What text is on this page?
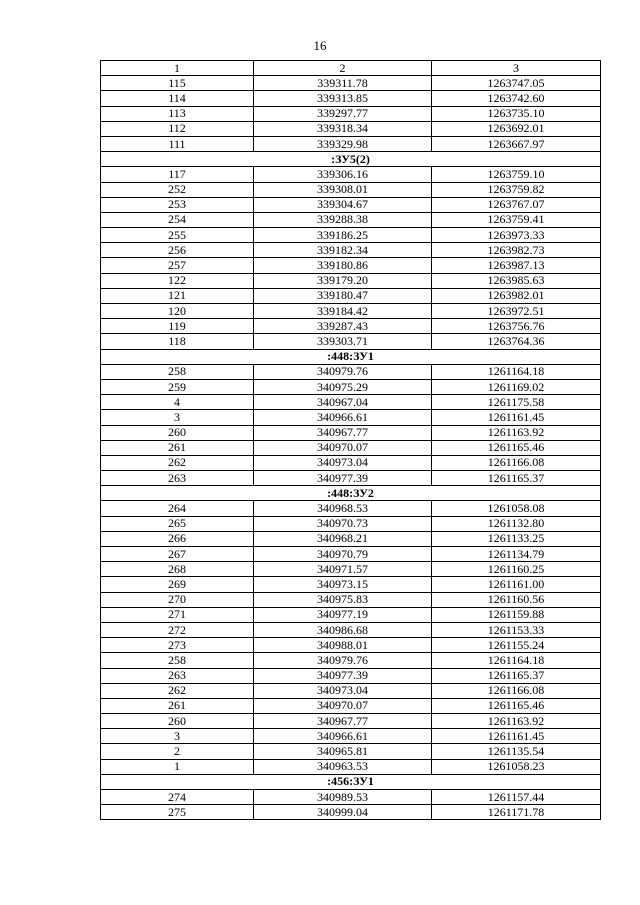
16
1	2	3
115	339311.78	1263747.05
114	339313.85	1263742.60
113	339297.77	1263735.10
112	339318.34	1263692.01
111	339329.98	1263667.97
:ЗУ5(2)		
117	339306.16	1263759.10
252	339308.01	1263759.82
253	339304.67	1263767.07
254	339288.38	1263759.41
255	339186.25	1263973.33
256	339182.34	1263982.73
257	339180.86	1263987.13
122	339179.20	1263985.63
121	339180.47	1263982.01
120	339184.42	1263972.51
119	339287.43	1263756.76
118	339303.71	1263764.36
:448:ЗУ1		
258	340979.76	1261164.18
259	340975.29	1261169.02
4	340967.04	1261175.58
3	340966.61	1261161.45
260	340967.77	1261163.92
261	340970.07	1261165.46
262	340973.04	1261166.08
263	340977.39	1261165.37
:448:ЗУ2		
264	340968.53	1261058.08
265	340970.73	1261132.80
266	340968.21	1261133.25
267	340970.79	1261134.79
268	340971.57	1261160.25
269	340973.15	1261161.00
270	340975.83	1261160.56
271	340977.19	1261159.88
272	340986.68	1261153.33
273	340988.01	1261155.24
258	340979.76	1261164.18
263	340977.39	1261165.37
262	340973.04	1261166.08
261	340970.07	1261165.46
260	340967.77	1261163.92
3	340966.61	1261161.45
2	340965.81	1261135.54
1	340963.53	1261058.23
:456:ЗУ1		
274	340989.53	1261157.44
275	340999.04	1261171.78
